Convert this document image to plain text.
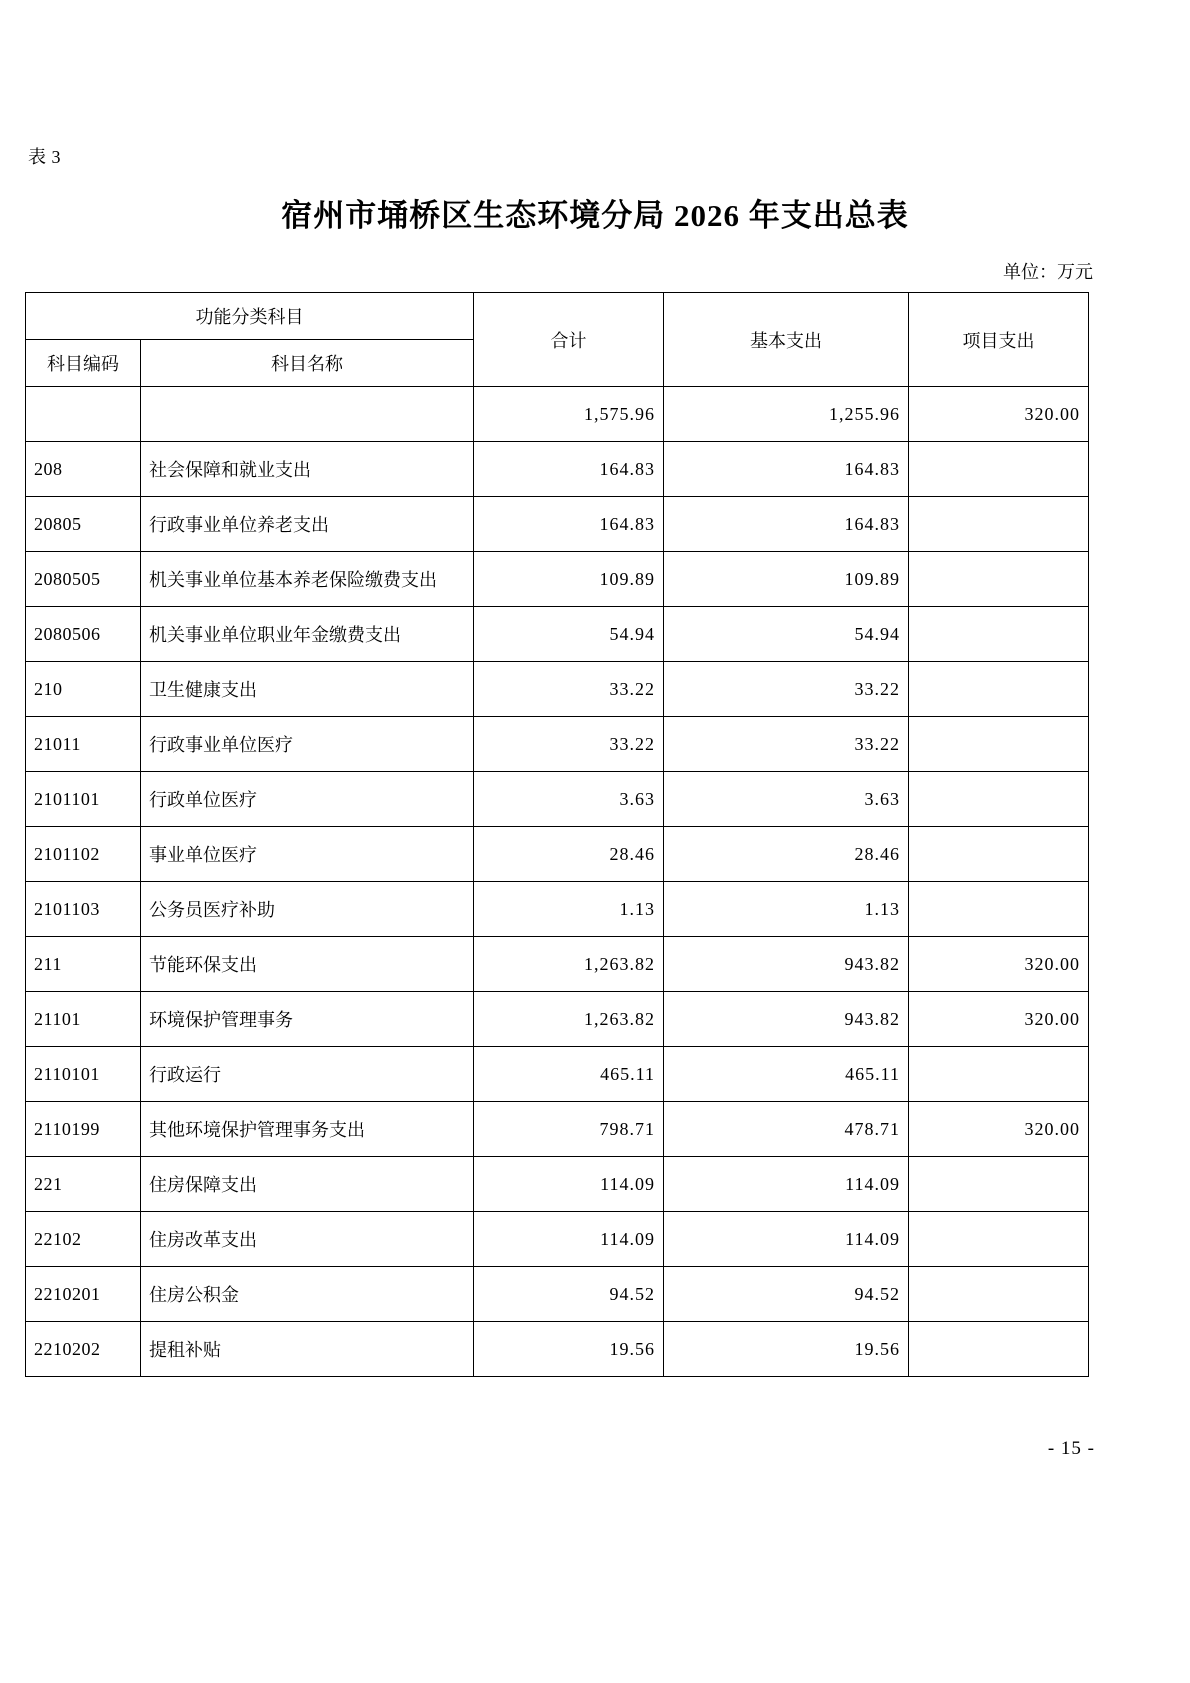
表 3
宿州市埇桥区生态环境分局 2026 年支出总表
单位：万元
功能分类科目		合计	基本支出	项目支出
科目编码	科目名称			
		1,575.96	1,255.96	320.00
208	社会保障和就业支出	164.83	164.83	
20805	行政事业单位养老支出	164.83	164.83	
2080505	机关事业单位基本养老保险缴费支出	109.89	109.89	
2080506	机关事业单位职业年金缴费支出	54.94	54.94	
210	卫生健康支出	33.22	33.22	
21011	行政事业单位医疗	33.22	33.22	
2101101	行政单位医疗	3.63	3.63	
2101102	事业单位医疗	28.46	28.46	
2101103	公务员医疗补助	1.13	1.13	
211	节能环保支出	1,263.82	943.82	320.00
21101	环境保护管理事务	1,263.82	943.82	320.00
2110101	行政运行	465.11	465.11	
2110199	其他环境保护管理事务支出	798.71	478.71	320.00
221	住房保障支出	114.09	114.09	
22102	住房改革支出	114.09	114.09	
2210201	住房公积金	94.52	94.52	
2210202	提租补贴	19.56	19.56	
- 15 -
